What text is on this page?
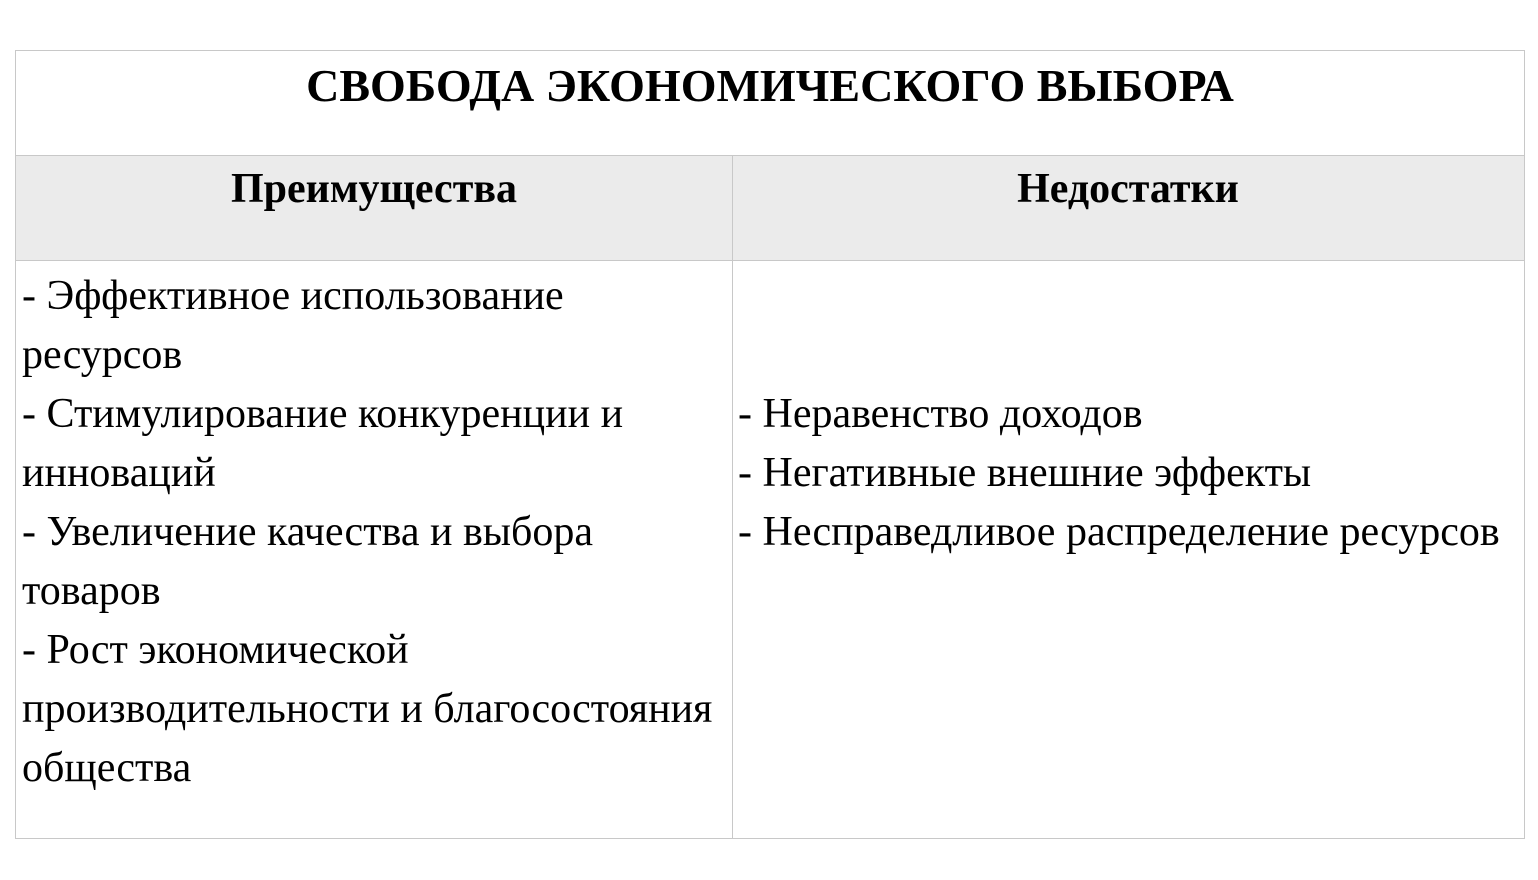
СВОБОДА ЭКОНОМИЧЕСКОГО ВЫБОРА
Преимущества	Недостатки

- Эффективное использование ресурсов

- Стимулирование конкуренции и инноваций

- Увеличение качества и выбора товаров

- Рост экономической производительности и благосостояния общества

- Неравенство доходов

- Негативные внешние эффекты

- Несправедливое распределение ресурсов
